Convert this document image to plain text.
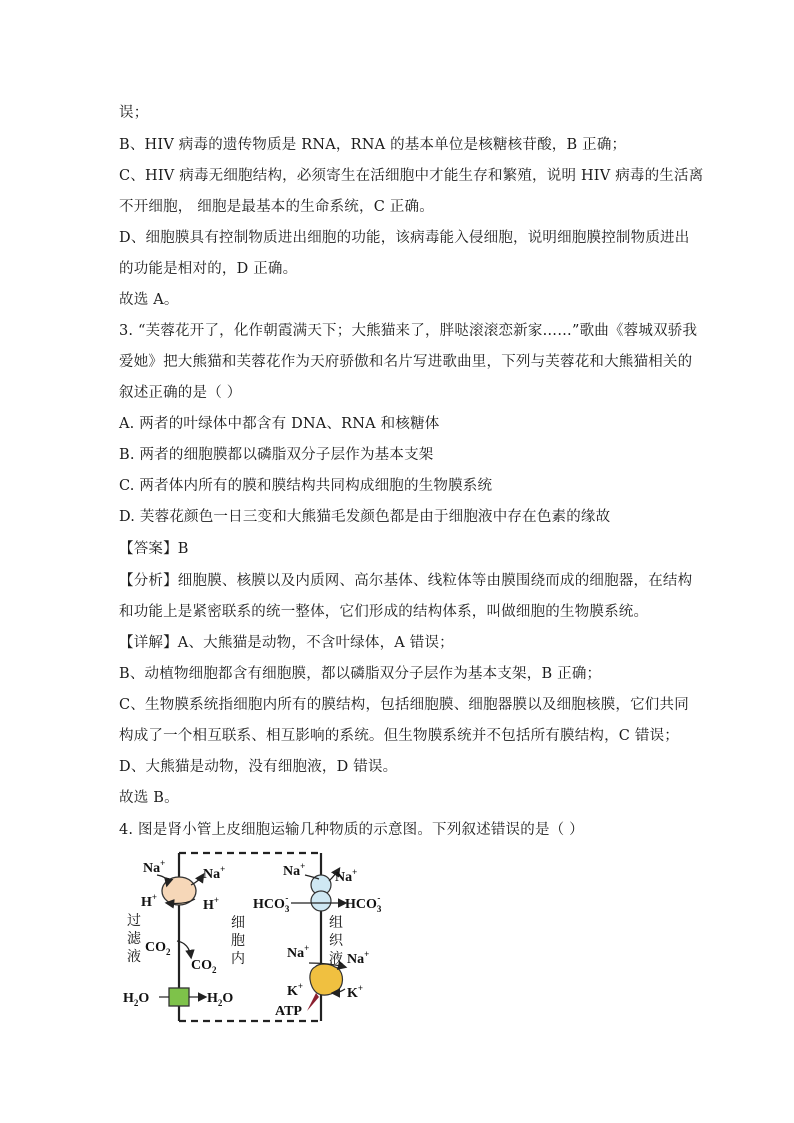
误；
B、HIV 病毒的遗传物质是 RNA，RNA 的基本单位是核糖核苷酸，B 正确；
C、HIV 病毒无细胞结构，必须寄生在活细胞中才能生存和繁殖，说明 HIV 病毒的生活离
不开细胞， 细胞是最基本的生命系统，C 正确。
D、细胞膜具有控制物质进出细胞的功能，该病毒能入侵细胞，说明细胞膜控制物质进出
的功能是相对的，D 正确。
故选 A。
3. “芙蓉花开了，化作朝霞满天下；大熊猫来了，胖哒滚滚恋新家……”歌曲《蓉城双骄我
爱她》把大熊猫和芙蓉花作为天府骄傲和名片写进歌曲里，下列与芙蓉花和大熊猫相关的
叙述正确的是（ ）
A. 两者的叶绿体中都含有 DNA、RNA 和核糖体
B. 两者的细胞膜都以磷脂双分子层作为基本支架
C. 两者体内所有的膜和膜结构共同构成细胞的生物膜系统
D. 芙蓉花颜色一日三变和大熊猫毛发颜色都是由于细胞液中存在色素的缘故
【答案】B
【分析】细胞膜、核膜以及内质网、高尔基体、线粒体等由膜围绕而成的细胞器，在结构
和功能上是紧密联系的统一整体，它们形成的结构体系，叫做细胞的生物膜系统。
【详解】A、大熊猫是动物，不含叶绿体，A 错误；
B、动植物细胞都含有细胞膜，都以磷脂双分子层作为基本支架，B 正确；
C、生物膜系统指细胞内所有的膜结构，包括细胞膜、细胞器膜以及细胞核膜，它们共同
构成了一个相互联系、相互影响的系统。但生物膜系统并不包括所有膜结构，C 错误；
D、大熊猫是动物，没有细胞液，D 错误。
故选 B。
4. 图是肾小管上皮细胞运输几种物质的示意图。下列叙述错误的是（ ）
Na+
Na+
H+
H+
$CO_2$
$CO_2$
$H_2O$	$H_2O$
Na+
Na+
$HCO_3-$	$HCO_3-$
Na+
Na+
K+	K+
ATP
过
滤
液
细
胞
内
组
织
液
